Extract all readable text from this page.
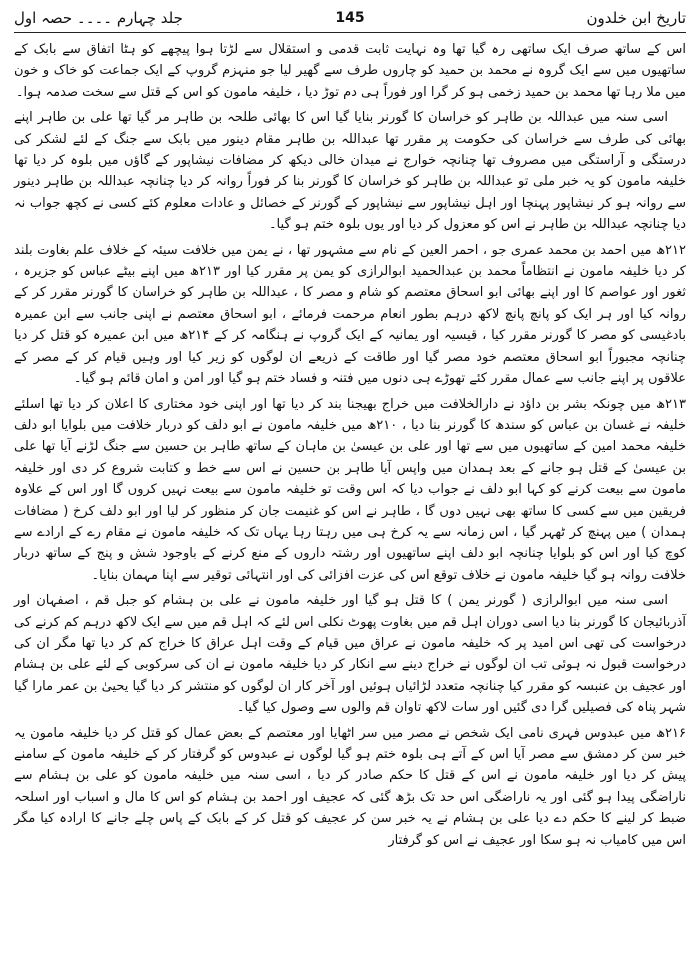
تاریخ ابن خلدون
145
جلد چہارم ۔۔۔۔ حصہ اول

اس کے ساتھ صرف ایک ساتھی رہ گیا تھا وہ نہایت ثابت قدمی و استقلال سے لڑتا ہوا پیچھے کو ہٹا اتفاق سے بابک کے ساتھیوں میں سے ایک گروہ نے محمد بن حمید کو چاروں طرف سے گھیر لیا جو منہزم گروپ کے ایک جماعت کو خاک و خون میں ملا رہا تھا محمد بن حمید زخمی ہو کر گرا اور فوراً ہی دم توڑ دیا ، خلیفہ مامون کو اس کے قتل سے سخت صدمہ ہوا۔

اسی سنہ میں عبداللہ بن طاہر کو خراسان کا گورنر بنایا گیا اس کا بھائی طلحہ بن طاہر مر گیا تھا علی بن طاہر اپنے بھائی کی طرف سے خراسان کی حکومت پر مقرر تھا عبداللہ بن طاہر مقام دینور میں بابک سے جنگ کے لئے لشکر کی درستگی و آراستگی میں مصروف تھا چنانچہ خوارج نے میدان خالی دیکھ کر مضافات نیشاپور کے گاؤں میں بلوہ کر دیا تھا خلیفہ مامون کو یہ خبر ملی تو عبداللہ بن طاہر کو خراسان کا گورنر بنا کر فوراً روانہ کر دیا چنانچہ عبداللہ بن طاہر دینور سے روانہ ہو کر نیشاپور پہنچا اور اہل نیشاپور سے نیشاپور کے گورنر کے خصائل و عادات معلوم کئے کسی نے کچھ جواب نہ دیا چنانچہ عبداللہ بن طاہر نے اس کو معزول کر دیا اور یوں بلوہ ختم ہو گیا۔

۲۱۲ھ میں احمد بن محمد عمری جو ، احمر العین کے نام سے مشہور تھا ، نے یمن میں خلافت سیئہ کے خلاف علم بغاوت بلند کر دیا خلیفہ مامون نے انتظاماً محمد بن عبدالحمید ابوالرازی کو یمن پر مقرر کیا اور ۲۱۳ھ میں اپنے بیٹے عباس کو جزیرہ ، ثغور اور عواصم کا اور اپنے بھائی ابو اسحاق معتصم کو شام و مصر کا ، عبداللہ بن طاہر کو خراسان کا گورنر مقرر کر کے روانہ کیا اور ہر ایک کو پانچ پانچ لاکھ درہم بطور انعام مرحمت فرمائے ، ابو اسحاق معتصم نے اپنی جانب سے ابن عمیرہ بادغیسی کو مصر کا گورنر مقرر کیا ، قیسیہ اور یمانیہ کے ایک گروپ نے ہنگامہ کر کے ۲۱۴ھ میں ابن عمیرہ کو قتل کر دیا چنانچہ مجبوراً ابو اسحاق معتصم خود مصر گیا اور طاقت کے ذریعے ان لوگوں کو زیر کیا اور وہیں قیام کر کے مصر کے علاقوں پر اپنے جانب سے عمال مقرر کئے تھوڑے ہی دنوں میں فتنہ و فساد ختم ہو گیا اور امن و امان قائم ہو گیا۔

۲۱۳ھ میں چونکہ بشر بن داؤد نے دارالخلافت میں خراج بھیجنا بند کر دیا تھا اور اپنی خود مختاری کا اعلان کر دیا تھا اسلئے خلیفہ نے غسان بن عباس کو سندھ کا گورنر بنا دیا ، ۲۱۰ھ میں خلیفہ مامون نے ابو دلف کو دربار خلافت میں بلوایا ابو دلف خلیفہ محمد امین کے ساتھیوں میں سے تھا اور علی بن عیسیٰ بن ماہان کے ساتھ طاہر بن حسین سے جنگ لڑنے آیا تھا علی بن عیسیٰ کے قتل ہو جانے کے بعد ہمدان میں واپس آیا طاہر بن حسین نے اس سے خط و کتابت شروع کر دی اور خلیفہ مامون سے بیعت کرنے کو کہا ابو دلف نے جواب دیا کہ اس وقت تو خلیفہ مامون سے بیعت نہیں کروں گا اور اس کے علاوہ فریقین میں سے کسی کا ساتھ بھی نہیں دوں گا ، طاہر نے اس کو غنیمت جان کر منظور کر لیا اور ابو دلف کرخ ( مضافات ہمدان ) میں پہنچ کر ٹھہر گیا ، اس زمانہ سے یہ کرخ ہی میں رہتا رہا یہاں تک کہ خلیفہ مامون نے مقام رے کے ارادے سے کوچ کیا اور اس کو بلوایا چنانچہ ابو دلف اپنے ساتھیوں اور رشتہ داروں کے منع کرنے کے باوجود شش و پنج کے ساتھ دربار خلافت روانہ ہو گیا خلیفہ مامون نے خلاف توقع اس کی عزت افزائی کی اور انتہائی توقیر سے اپنا مہمان بنایا۔

اسی سنہ میں ابوالرازی ( گورنر یمن ) کا قتل ہو گیا اور خلیفہ مامون نے علی بن ہشام کو جبل قم ، اصفہان اور آذربائیجان کا گورنر بنا دیا اسی دوران اہل قم میں بغاوت پھوٹ نکلی اس لئے کہ اہل قم میں سے ایک لاکھ درہم کم کرنے کی درخواست کی تھی اس امید پر کہ خلیفہ مامون نے عراق میں قیام کے وقت اہل عراق کا خراج کم کر دیا تھا مگر ان کی درخواست قبول نہ ہوئی تب ان لوگوں نے خراج دینے سے انکار کر دیا خلیفہ مامون نے ان کی سرکوبی کے لئے علی بن ہشام اور عجیف بن عنبسہ کو مقرر کیا چنانچہ متعدد لڑائیاں ہوئیں اور آخر کار ان لوگوں کو منتشر کر دیا گیا یحییٰ بن عمر مارا گیا شہر پناہ کی فصیلیں گرا دی گئیں اور سات لاکھ تاوان قم والوں سے وصول کیا گیا۔

۲۱۶ھ میں عبدوس فہری نامی ایک شخص نے مصر میں سر اٹھایا اور معتصم کے بعض عمال کو قتل کر دیا خلیفہ مامون یہ خبر سن کر دمشق سے مصر آیا اس کے آتے ہی بلوہ ختم ہو گیا لوگوں نے عبدوس کو گرفتار کر کے خلیفہ مامون کے سامنے پیش کر دیا اور خلیفہ مامون نے اس کے قتل کا حکم صادر کر دیا ، اسی سنہ میں خلیفہ مامون کو علی بن ہشام سے ناراضگی پیدا ہو گئی اور یہ ناراضگی اس حد تک بڑھ گئی کہ عجیف اور احمد بن ہشام کو اس کا مال و اسباب اور اسلحہ ضبط کر لینے کا حکم دے دیا علی بن ہشام نے یہ خبر سن کر عجیف کو قتل کر کے بابک کے پاس چلے جانے کا ارادہ کیا مگر اس میں کامیاب نہ ہو سکا اور عجیف نے اس کو گرفتار
